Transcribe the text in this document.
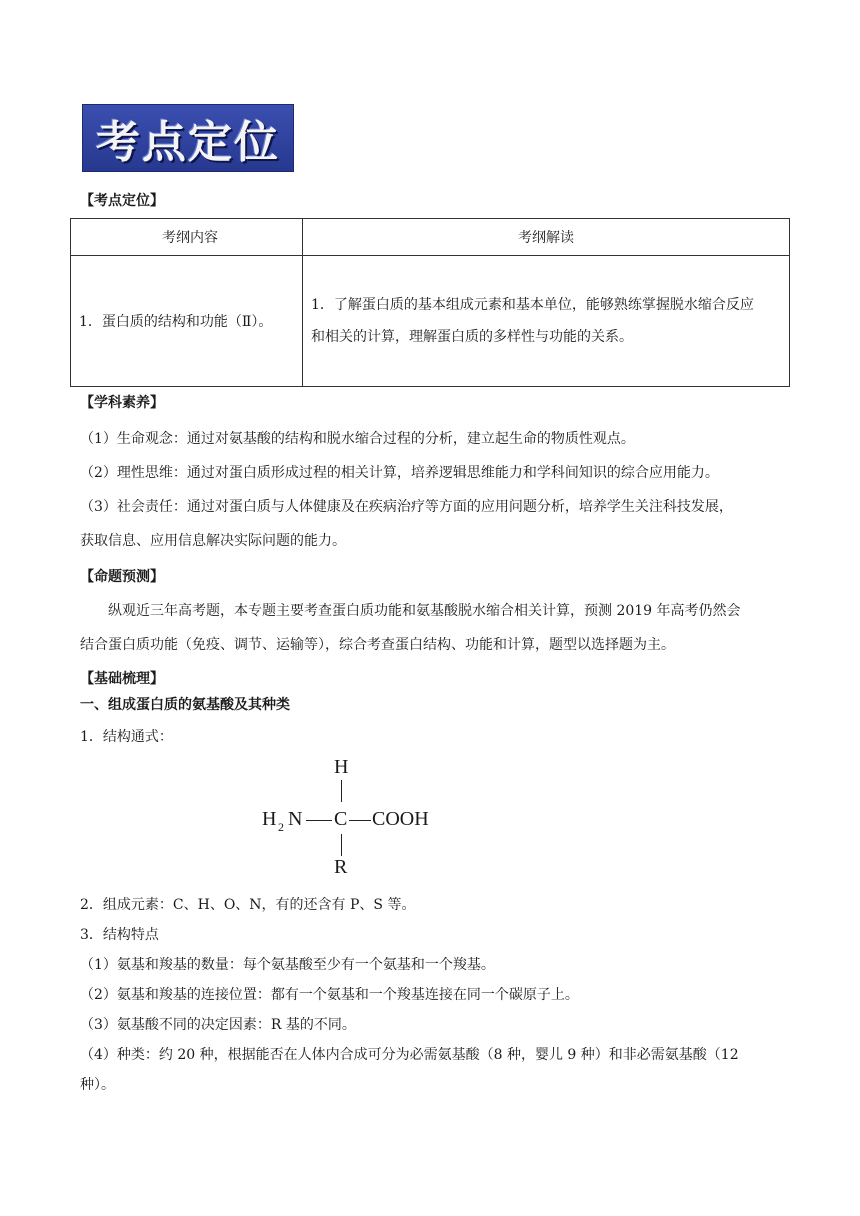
考点定位
【考点定位】
考纲内容	考纲解读
1．蛋白质的结构和功能（Ⅱ）。	1．了解蛋白质的基本组成元素和基本单位，能够熟练掌握脱水缩合反应
和相关的计算，理解蛋白质的多样性与功能的关系。
【学科素养】
（1）生命观念：通过对氨基酸的结构和脱水缩合过程的分析，建立起生命的物质性观点。
（2）理性思维：通过对蛋白质形成过程的相关计算，培养逻辑思维能力和学科间知识的综合应用能力。
（3）社会责任：通过对蛋白质与人体健康及在疾病治疗等方面的应用问题分析，培养学生关注科技发展，
获取信息、应用信息解决实际问题的能力。
【命题预测】
纵观近三年高考题，本专题主要考查蛋白质功能和氨基酸脱水缩合相关计算，预测 2019 年高考仍然会
结合蛋白质功能（免疫、调节、运输等），综合考查蛋白结构、功能和计算，题型以选择题为主。
【基础梳理】
一、组成蛋白质的氨基酸及其种类
1．结构通式：
H
H 2 N C COOH
R
2．组成元素：C、H、O、N，有的还含有 P、S 等。
3．结构特点
（1）氨基和羧基的数量：每个氨基酸至少有一个氨基和一个羧基。
（2）氨基和羧基的连接位置：都有一个氨基和一个羧基连接在同一个碳原子上。
（3）氨基酸不同的决定因素：R 基的不同。
（4）种类：约 20 种，根据能否在人体内合成可分为必需氨基酸（8 种，婴儿 9 种）和非必需氨基酸（12
种）。
